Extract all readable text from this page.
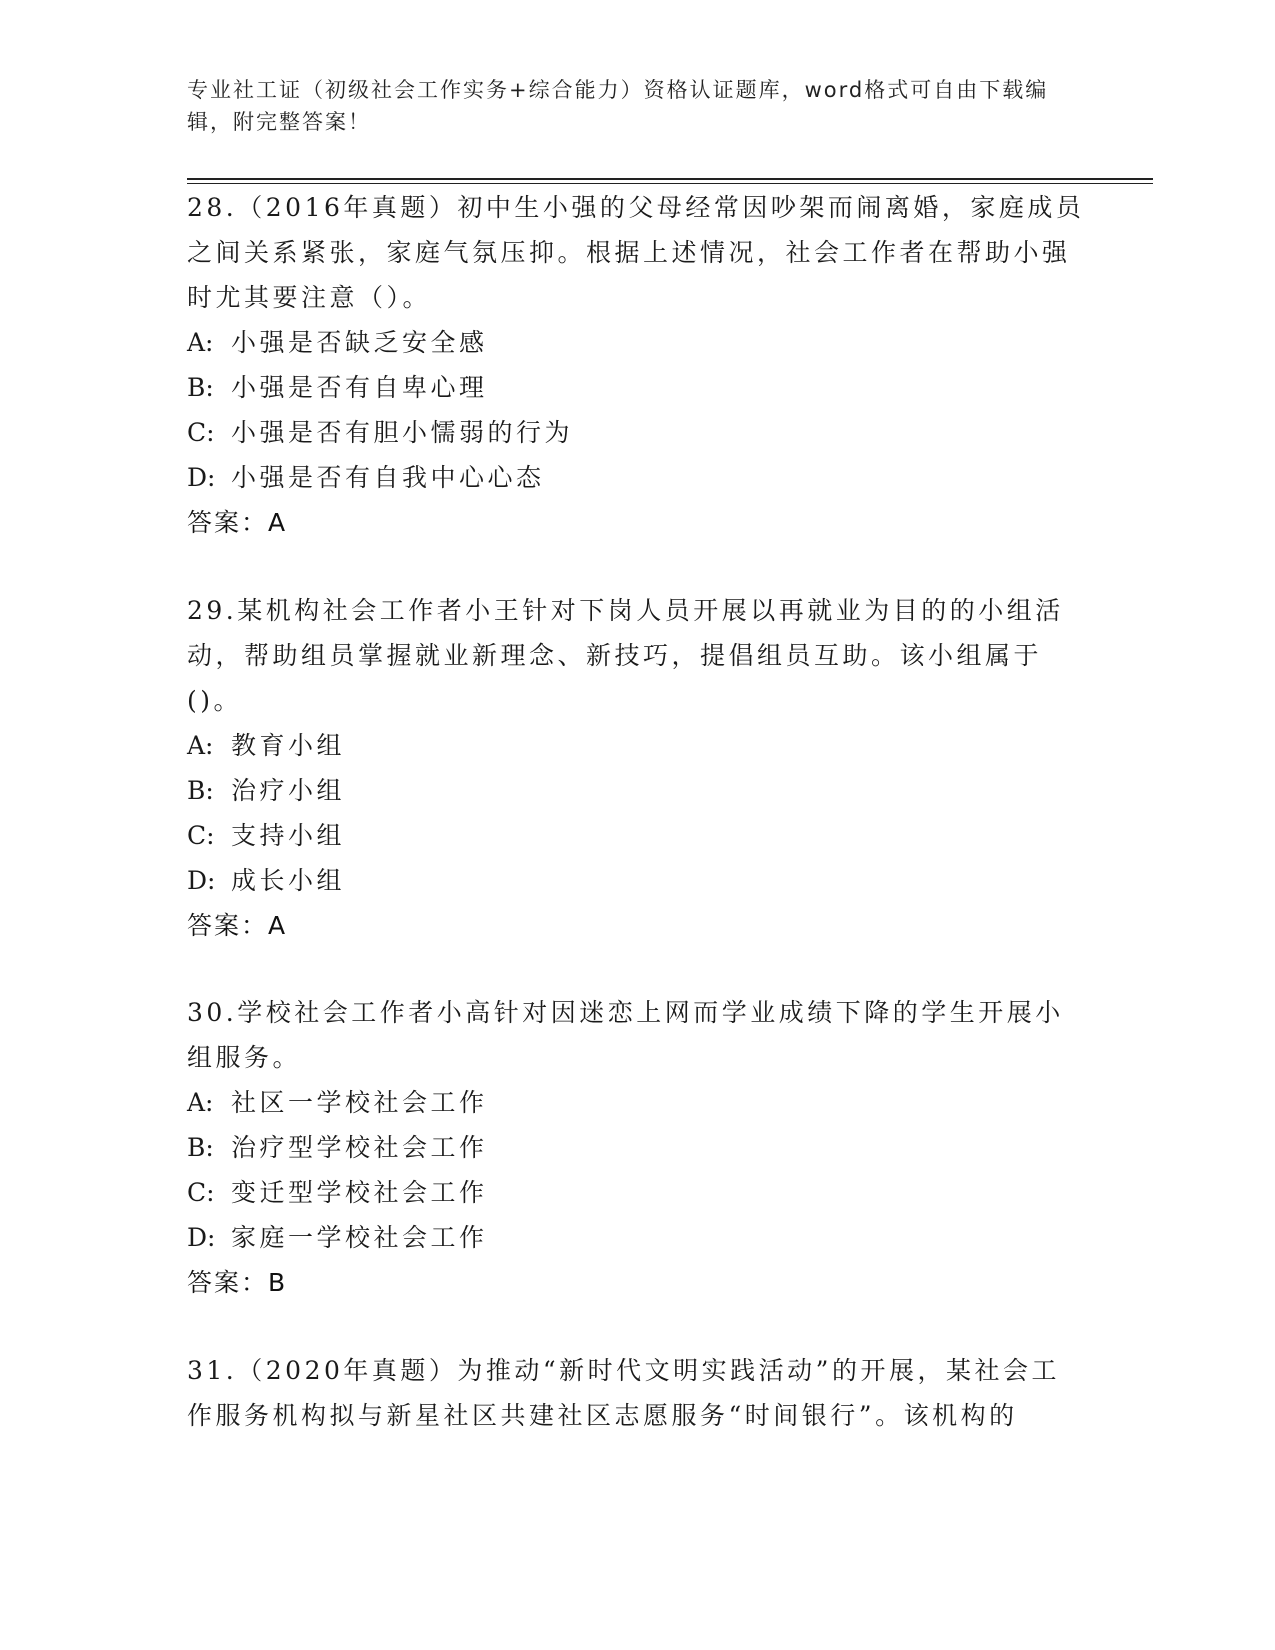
专业社工证（初级社会工作实务+综合能力）资格认证题库，word格式可自由下载编辑，附完整答案！

28.（2016年真题）初中生小强的父母经常因吵架而闹离婚，家庭成员之间关系紧张，家庭气氛压抑。根据上述情况，社会工作者在帮助小强时尤其要注意（）。

A: 小强是否缺乏安全感

B: 小强是否有自卑心理

C: 小强是否有胆小懦弱的行为

D: 小强是否有自我中心心态

答案：A

29.某机构社会工作者小王针对下岗人员开展以再就业为目的的小组活动，帮助组员掌握就业新理念、新技巧，提倡组员互助。该小组属于()。

A: 教育小组

B: 治疗小组

C: 支持小组

D: 成长小组

答案：A

30.学校社会工作者小高针对因迷恋上网而学业成绩下降的学生开展小组服务。

A: 社区一学校社会工作

B: 治疗型学校社会工作

C: 变迁型学校社会工作

D: 家庭一学校社会工作

答案：B

31.（2020年真题）为推动“新时代文明实践活动”的开展，某社会工作服务机构拟与新星社区共建社区志愿服务“时间银行”。该机构的
